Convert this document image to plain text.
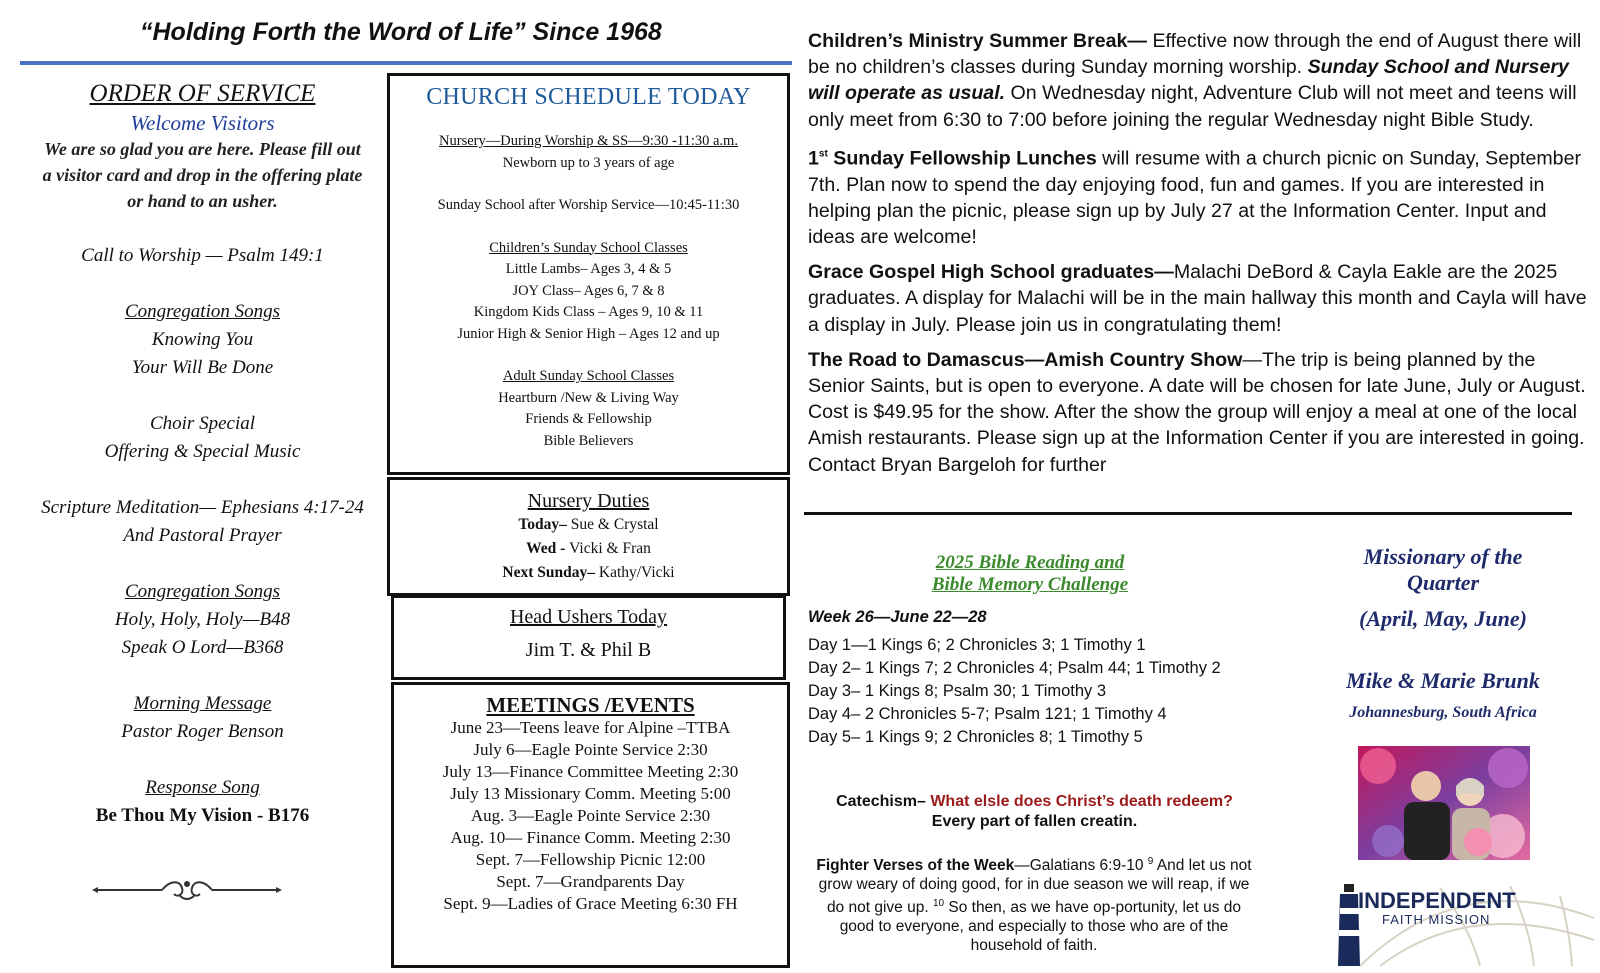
“Holding Forth the Word of Life” Since 1968
ORDER OF SERVICE
Welcome Visitors
We are so glad you are here. Please fill out
a visitor card and drop in the offering plate
or hand to an usher.
Call to Worship — Psalm 149:1
Congregation Songs
Knowing You
Your Will Be Done
Choir Special
Offering & Special Music
Scripture Meditation— Ephesians 4:17-24
And Pastoral Prayer
Congregation Songs
Holy, Holy, Holy—B48
Speak O Lord—B368
Morning Message
Pastor Roger Benson
Response Song
Be Thou My Vision - B176
CHURCH SCHEDULE TODAY
Nursery—During Worship & SS—9:30 -11:30 a.m.
Newborn up to 3 years of age
Sunday School after Worship Service—10:45-11:30
Children’s Sunday School Classes
Little Lambs– Ages 3, 4 & 5
JOY Class– Ages 6, 7 & 8
Kingdom Kids Class – Ages 9, 10 & 11
Junior High & Senior High – Ages 12 and up
Adult Sunday School Classes
Heartburn /New & Living Way
Friends & Fellowship
Bible Believers
Nursery Duties
Today– Sue & Crystal
Wed - Vicki & Fran
Next Sunday– Kathy/Vicki
Head Ushers Today
Jim T. & Phil B
MEETINGS /EVENTS
June 23—Teens leave for Alpine –TTBA
July 6—Eagle Pointe Service 2:30
July 13—Finance Committee Meeting 2:30
July 13 Missionary Comm. Meeting 5:00
Aug. 3—Eagle Pointe Service 2:30
Aug. 10— Finance Comm. Meeting 2:30
Sept. 7—Fellowship Picnic 12:00
Sept. 7—Grandparents Day
Sept. 9—Ladies of Grace Meeting 6:30 FH

Children’s Ministry Summer Break— Effective now through the end of August there will be no children’s classes during Sunday morning worship. Sunday School and Nursery will operate as usual. On Wednesday night, Adventure Club will not meet and teens will only meet from 6:30 to 7:00 before joining the regular Wednesday night Bible Study.

1st Sunday Fellowship Lunches will resume with a church picnic on Sunday, September 7th. Plan now to spend the day enjoying food, fun and games. If you are interested in helping plan the picnic, please sign up by July 27 at the Information Center. Input and ideas are welcome!

Grace Gospel High School graduates—Malachi DeBord & Cayla Eakle are the 2025 graduates. A display for Malachi will be in the main hallway this month and Cayla will have a display in July. Please join us in congratulating them!

The Road to Damascus—Amish Country Show—The trip is being planned by the Senior Saints, but is open to everyone. A date will be chosen for late June, July or August. Cost is $49.95 for the show. After the show the group will enjoy a meal at one of the local Amish restaurants. Please sign up at the Information Center if you are interested in going. Contact Bryan Bargeloh for further

2025 Bible Reading and
Bible Memory Challenge
Week 26—June 22—28
Day 1—1 Kings 6; 2 Chronicles 3; 1 Timothy 1
Day 2– 1 Kings 7; 2 Chronicles 4; Psalm 44; 1 Timothy 2
Day 3– 1 Kings 8; Psalm 30; 1 Timothy 3
Day 4– 2 Chronicles 5-7; Psalm 121; 1 Timothy 4
Day 5– 1 Kings 9; 2 Chronicles 8; 1 Timothy 5
Catechism– What elsle does Christ’s death redeem?
Every part of fallen creatin.
Fighter Verses of the Week—Galatians 6:9-10 $^9$ And let us not grow weary of doing good, for in due season we will reap, if we do not give up. $^{10}$ So then, as we have op-portunity, let us do good to everyone, and especially to those who are of the household of faith.
Missionary of the
Quarter
(April, May, June)
Mike & Marie Brunk
Johannesburg, South Africa
INDEPENDENT
FAITH MISSION
